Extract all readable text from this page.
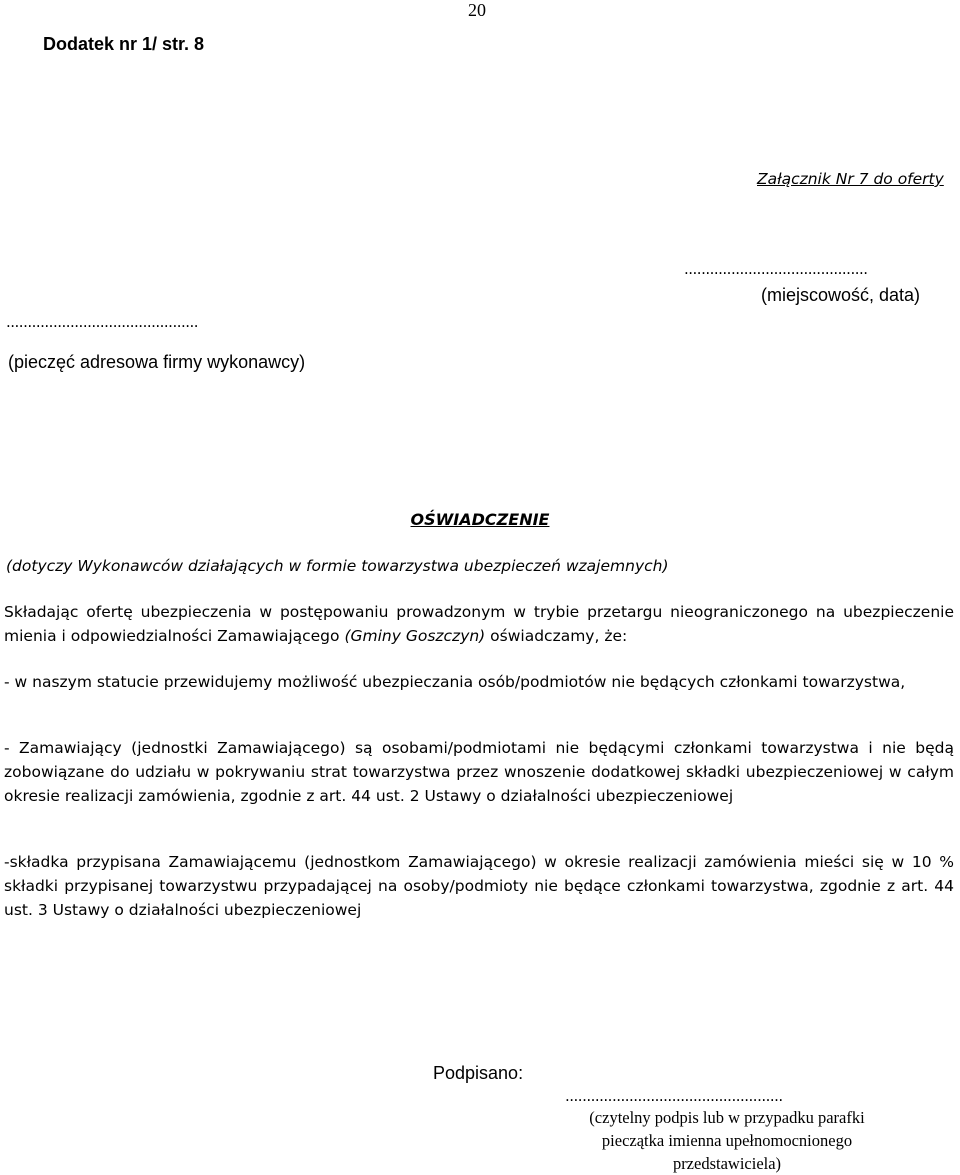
20
Dodatek nr 1/ str. 8
Załącznik Nr 7 do oferty
...........................................
(miejscowość, data)
.............................................
(pieczęć adresowa firmy wykonawcy)
OŚWIADCZENIE
(dotyczy Wykonawców działających w formie towarzystwa ubezpieczeń wzajemnych)
Składając ofertę ubezpieczenia w postępowaniu prowadzonym w trybie przetargu nieograniczonego na ubezpieczenie mienia i odpowiedzialności Zamawiającego (Gminy Goszczyn) oświadczamy, że:
- w naszym statucie przewidujemy możliwość ubezpieczania osób/podmiotów nie będących członkami towarzystwa,
- Zamawiający (jednostki Zamawiającego) są osobami/podmiotami nie będącymi członkami towarzystwa i nie będą zobowiązane do udziału w pokrywaniu strat towarzystwa przez wnoszenie dodatkowej składki ubezpieczeniowej w całym okresie realizacji zamówienia, zgodnie z art. 44 ust. 2 Ustawy o działalności ubezpieczeniowej
-składka przypisana Zamawiającemu (jednostkom Zamawiającego) w okresie realizacji zamówienia mieści się w 10 % składki przypisanej towarzystwu przypadającej na osoby/podmioty nie będące członkami towarzystwa, zgodnie z art. 44 ust. 3 Ustawy o działalności ubezpieczeniowej
Podpisano:
...................................................
(czytelny podpis lub w przypadku parafki pieczątka imienna upełnomocnionego przedstawiciela)
